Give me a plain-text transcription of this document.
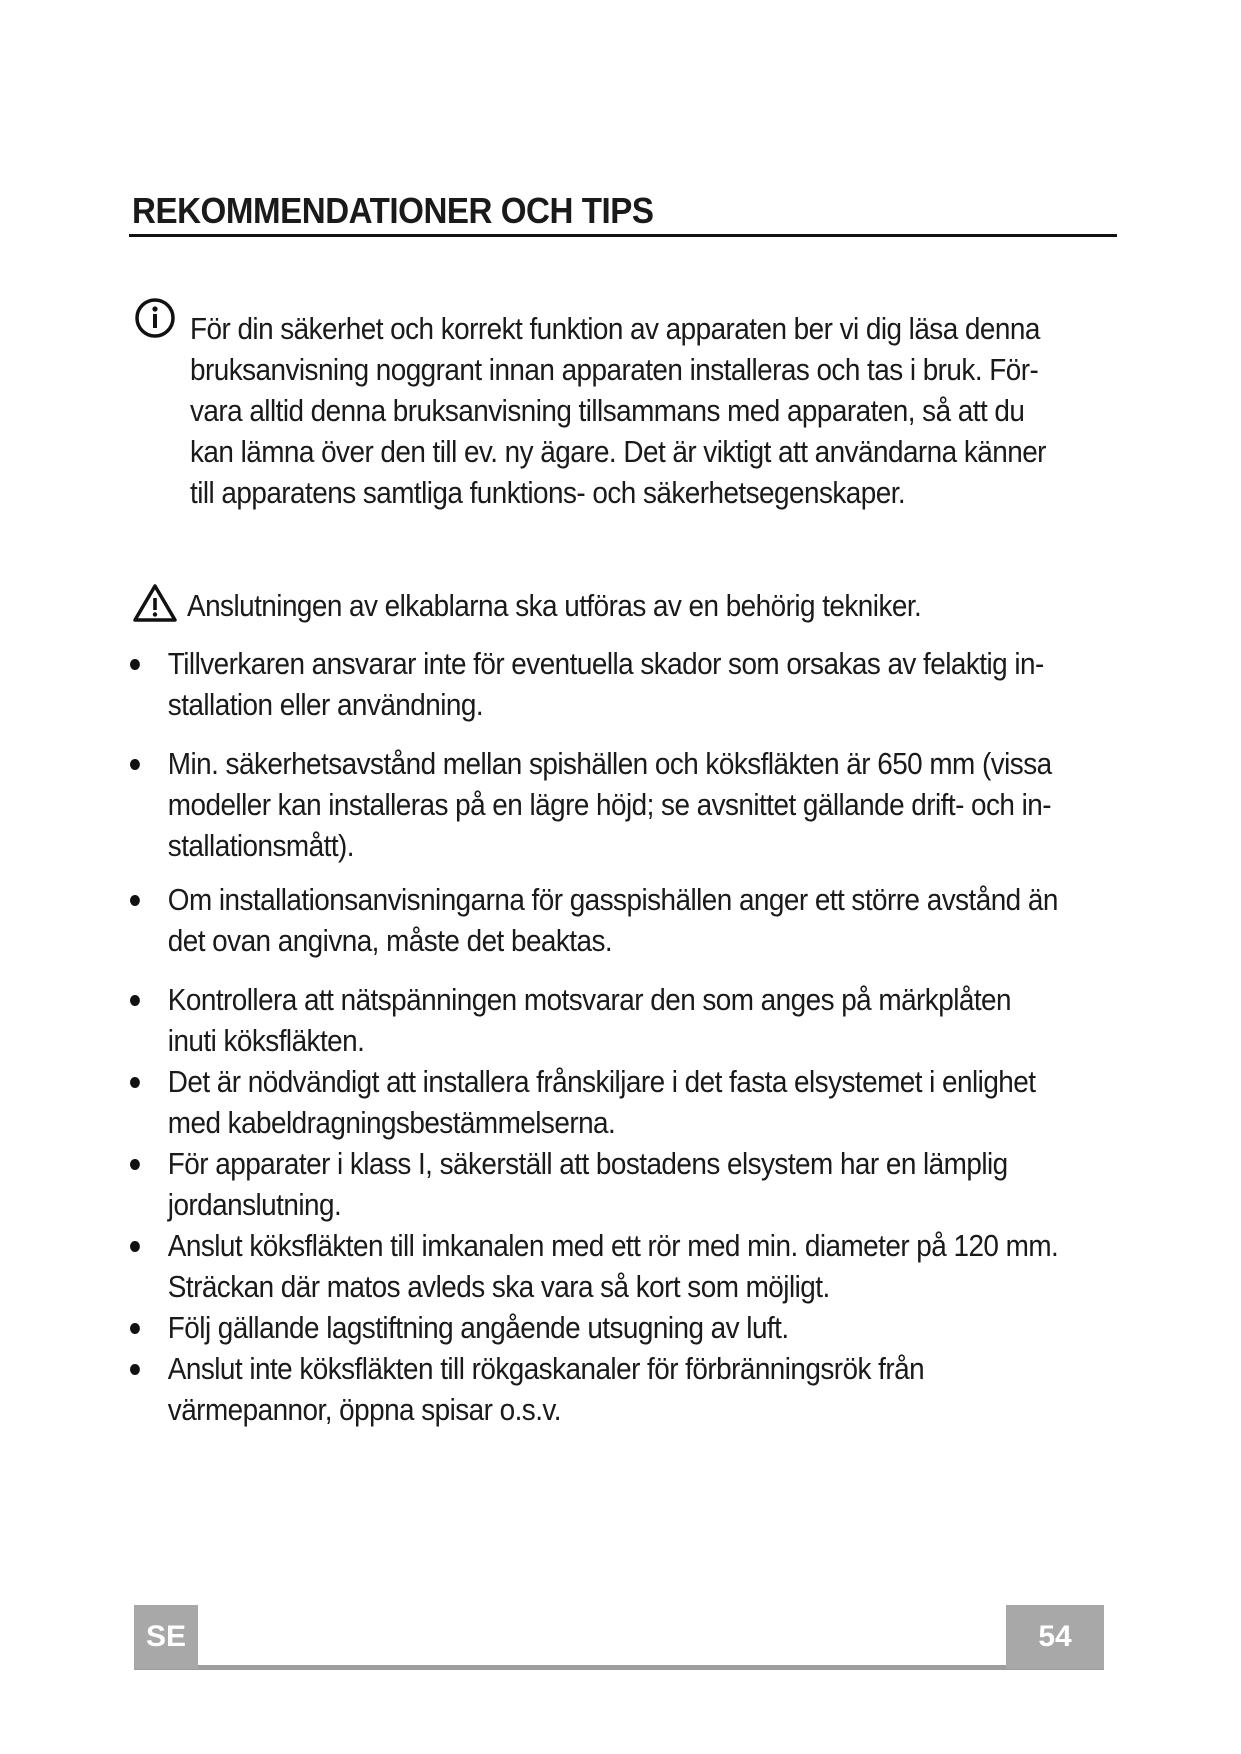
REKOMMENDATIONER OCH TIPS

För din säkerhet och korrekt funktion av apparaten ber vi dig läsa denna

bruksanvisning noggrant innan apparaten installeras och tas i bruk. För-

vara alltid denna bruksanvisning tillsammans med apparaten, så att du

kan lämna över den till ev. ny ägare. Det är viktigt att användarna känner

till apparatens samtliga funktions- och säkerhetsegenskaper.

Anslutningen av elkablarna ska utföras av en behörig tekniker.
Tillverkaren ansvarar inte för eventuella skador som orsakas av felaktig in-
stallation eller användning.
Min. säkerhetsavstånd mellan spishällen och köksfläkten är 650 mm (vissa
modeller kan installeras på en lägre höjd; se avsnittet gällande drift- och in-
stallationsmått).
Om installationsanvisningarna för gasspishällen anger ett större avstånd än
det ovan angivna, måste det beaktas.
Kontrollera att nätspänningen motsvarar den som anges på märkplåten
inuti köksfläkten.
Det är nödvändigt att installera frånskiljare i det fasta elsystemet i enlighet
med kabeldragningsbestämmelserna.
För apparater i klass I, säkerställ att bostadens elsystem har en lämplig
jordanslutning.
Anslut köksfläkten till imkanalen med ett rör med min. diameter på 120 mm.
Sträckan där matos avleds ska vara så kort som möjligt.
Följ gällande lagstiftning angående utsugning av luft.
Anslut inte köksfläkten till rökgaskanaler för förbränningsrök från
värmepannor, öppna spisar o.s.v.
SE	54
